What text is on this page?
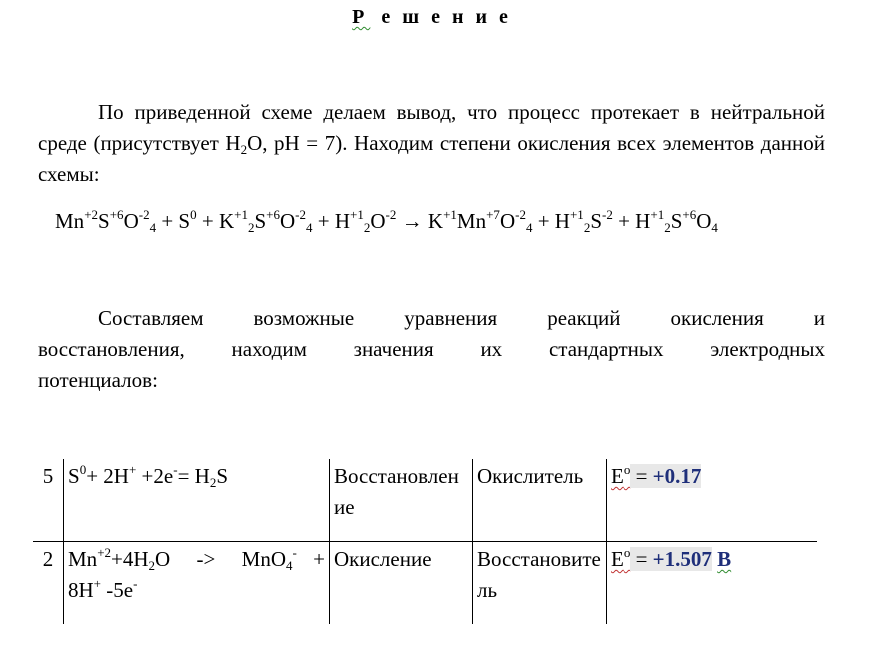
Р ешение
По приведенной схеме делаем вывод, что процесс протекает в нейтральной среде (присутствует $H_2O$, pH = 7). Находим степени окисления всех элементов данной схемы:
$Mn^{+2}S^{+6}O^{-2}_4 + S^0 + K^{+1}_2S^{+6}O^{-2}_4 + H^{+1}_2O^{-2} \to K^{+1}Mn^{+7}O^{-2}_4 + H^{+1}_2S^{-2} + H^{+1}_2S^{+6}O_4$
Составляем возможные уравнения реакций окисления и
восстановления, находим значения их стандартных электродных
потенциалов:
5	$S^0+ 2H^+ +2e^-= H_2S$	Восстановление	Окислитель	$E^o = +0.17$
2	$Mn^{+2}+4H_2O -> MnO_4^-$ +
8H+ -5e-	Окисление	Восстановитель	$E^o = +1.507$ В
